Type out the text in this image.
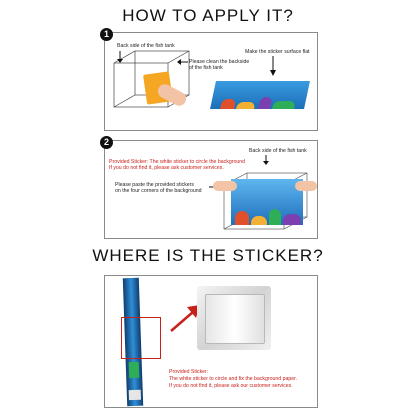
HOW TO APPLY IT?
Back side of the fish tank
Please clean the backside
of the fish tank
Make the sticker surface flat
1
Back side of the fish tank
Provided Sticker: The white sticker to circle the background
If you do not find it, please ask customer services.
Please paste the provided stickers
on the four corners of the background
2
WHERE IS THE STICKER?
Provided Sticker:
The white sticker to circle and fix the background paper.
If you do not find it, please ask our customer services.
